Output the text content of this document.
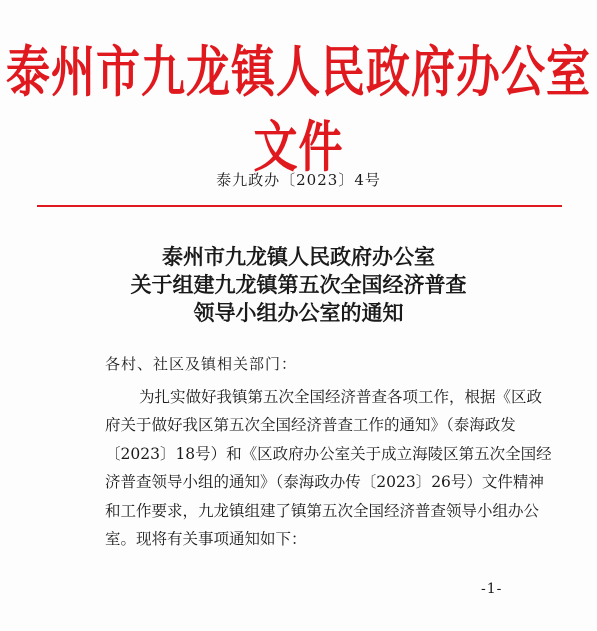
泰州市九龙镇人民政府办公室文件
泰九政办〔2023〕4号
泰州市九龙镇人民政府办公室
关于组建九龙镇第五次全国经济普查
领导小组办公室的通知
各村、社区及镇相关部门：
为扎实做好我镇第五次全国经济普查各项工作，根据《区政
府关于做好我区第五次全国经济普查工作的通知》（泰海政发
〔2023〕18号）和《区政府办公室关于成立海陵区第五次全国经
济普查领导小组的通知》（泰海政办传〔2023〕26号）文件精神
和工作要求，九龙镇组建了镇第五次全国经济普查领导小组办公
室。现将有关事项通知如下：
-1-
